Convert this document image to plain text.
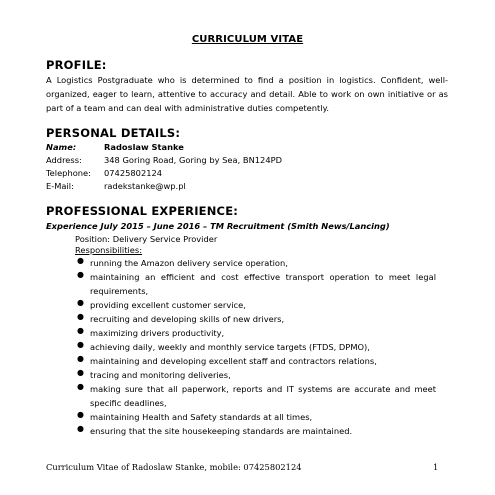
CURRICULUM VITAE
PROFILE:
A Logistics Postgraduate who is determined to find a position in logistics. Confident, well-organized, eager to learn, attentive to accuracy and detail. Able to work on own initiative or as part of a team and can deal with administrative duties competently.
PERSONAL DETAILS:
Name:	Radoslaw Stanke
Address:	348 Goring Road, Goring by Sea, BN124PD
Telephone:	07425802124
E-Mail:	radekstanke@wp.pl
PROFESSIONAL EXPERIENCE:
Experience July 2015 – June 2016 – TM Recruitment (Smith News/Lancing)
Position: Delivery Service Provider
Responsibilities:
● running the Amazon delivery service operation,
● maintaining an efficient and cost effective transport operation to meet legal requirements,
● providing excellent customer service,
● recruiting and developing skills of new drivers,
● maximizing drivers productivity,
● achieving daily, weekly and monthly service targets (FTDS, DPMO),
● maintaining and developing excellent staff and contractors relations,
● tracing and monitoring deliveries,
● making sure that all paperwork, reports and IT systems are accurate and meet specific deadlines,
● maintaining Health and Safety standards at all times,
● ensuring that the site housekeeping standards are maintained.
Curriculum Vitae of Radoslaw Stanke, mobile: 07425802124	1
